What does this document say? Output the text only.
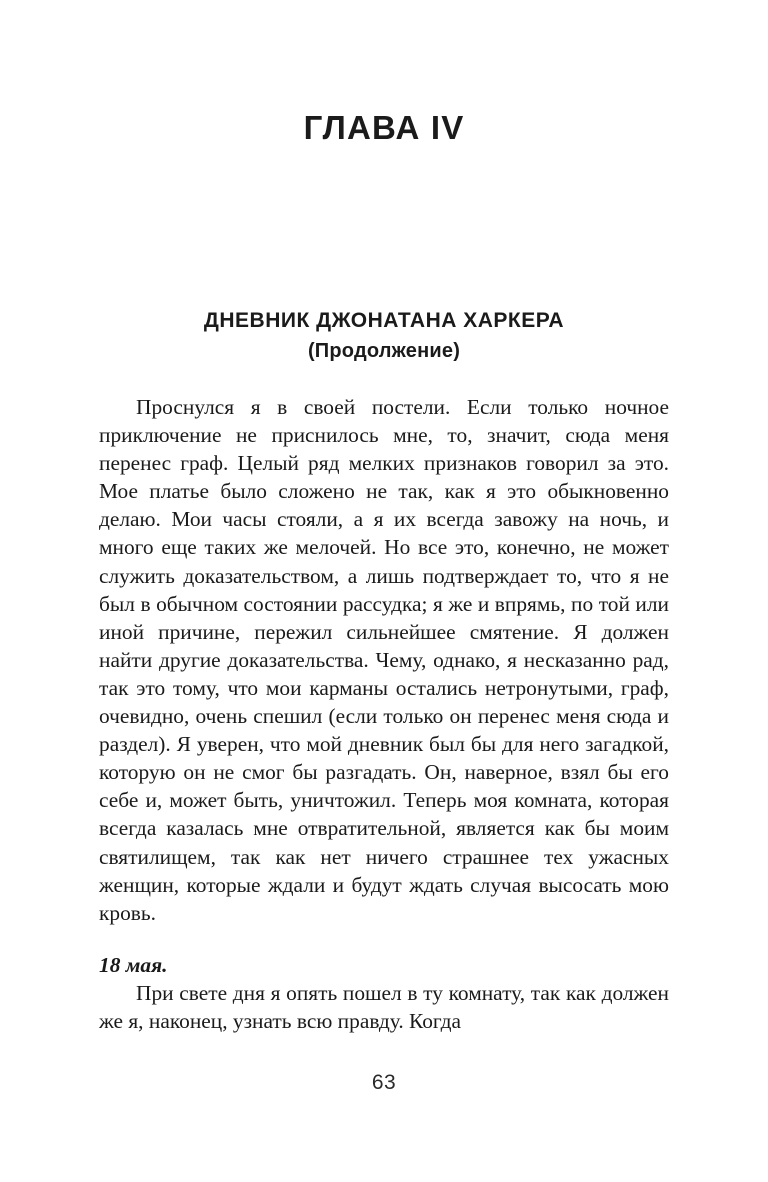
ГЛАВА IV
ДНЕВНИК ДЖОНАТАНА ХАРКЕРА
(Продолжение)

Проснулся я в своей постели. Если только ночное приключение не приснилось мне, то, значит, сюда меня перенес граф. Целый ряд мелких признаков говорил за это. Мое платье было сложено не так, как я это обыкновенно делаю. Мои часы стояли, а я их всегда завожу на ночь, и много еще таких же мелочей. Но все это, конечно, не может служить доказательством, а лишь подтверждает то, что я не был в обычном состоянии рассудка; я же и впрямь, по той или иной причине, пережил сильнейшее смятение. Я должен найти другие доказательства. Чему, однако, я несказанно рад, так это тому, что мои карманы остались нетронутыми, граф, очевидно, очень спешил (если только он перенес меня сюда и раздел). Я уверен, что мой дневник был бы для него загадкой, которую он не смог бы разгадать. Он, наверное, взял бы его себе и, может быть, уничтожил. Теперь моя комната, которая всегда казалась мне отвратительной, является как бы моим святилищем, так как нет ничего страшнее тех ужасных женщин, которые ждали и будут ждать случая высосать мою кровь.

18 мая.

При свете дня я опять пошел в ту комнату, так как должен же я, наконец, узнать всю правду. Когда

63
